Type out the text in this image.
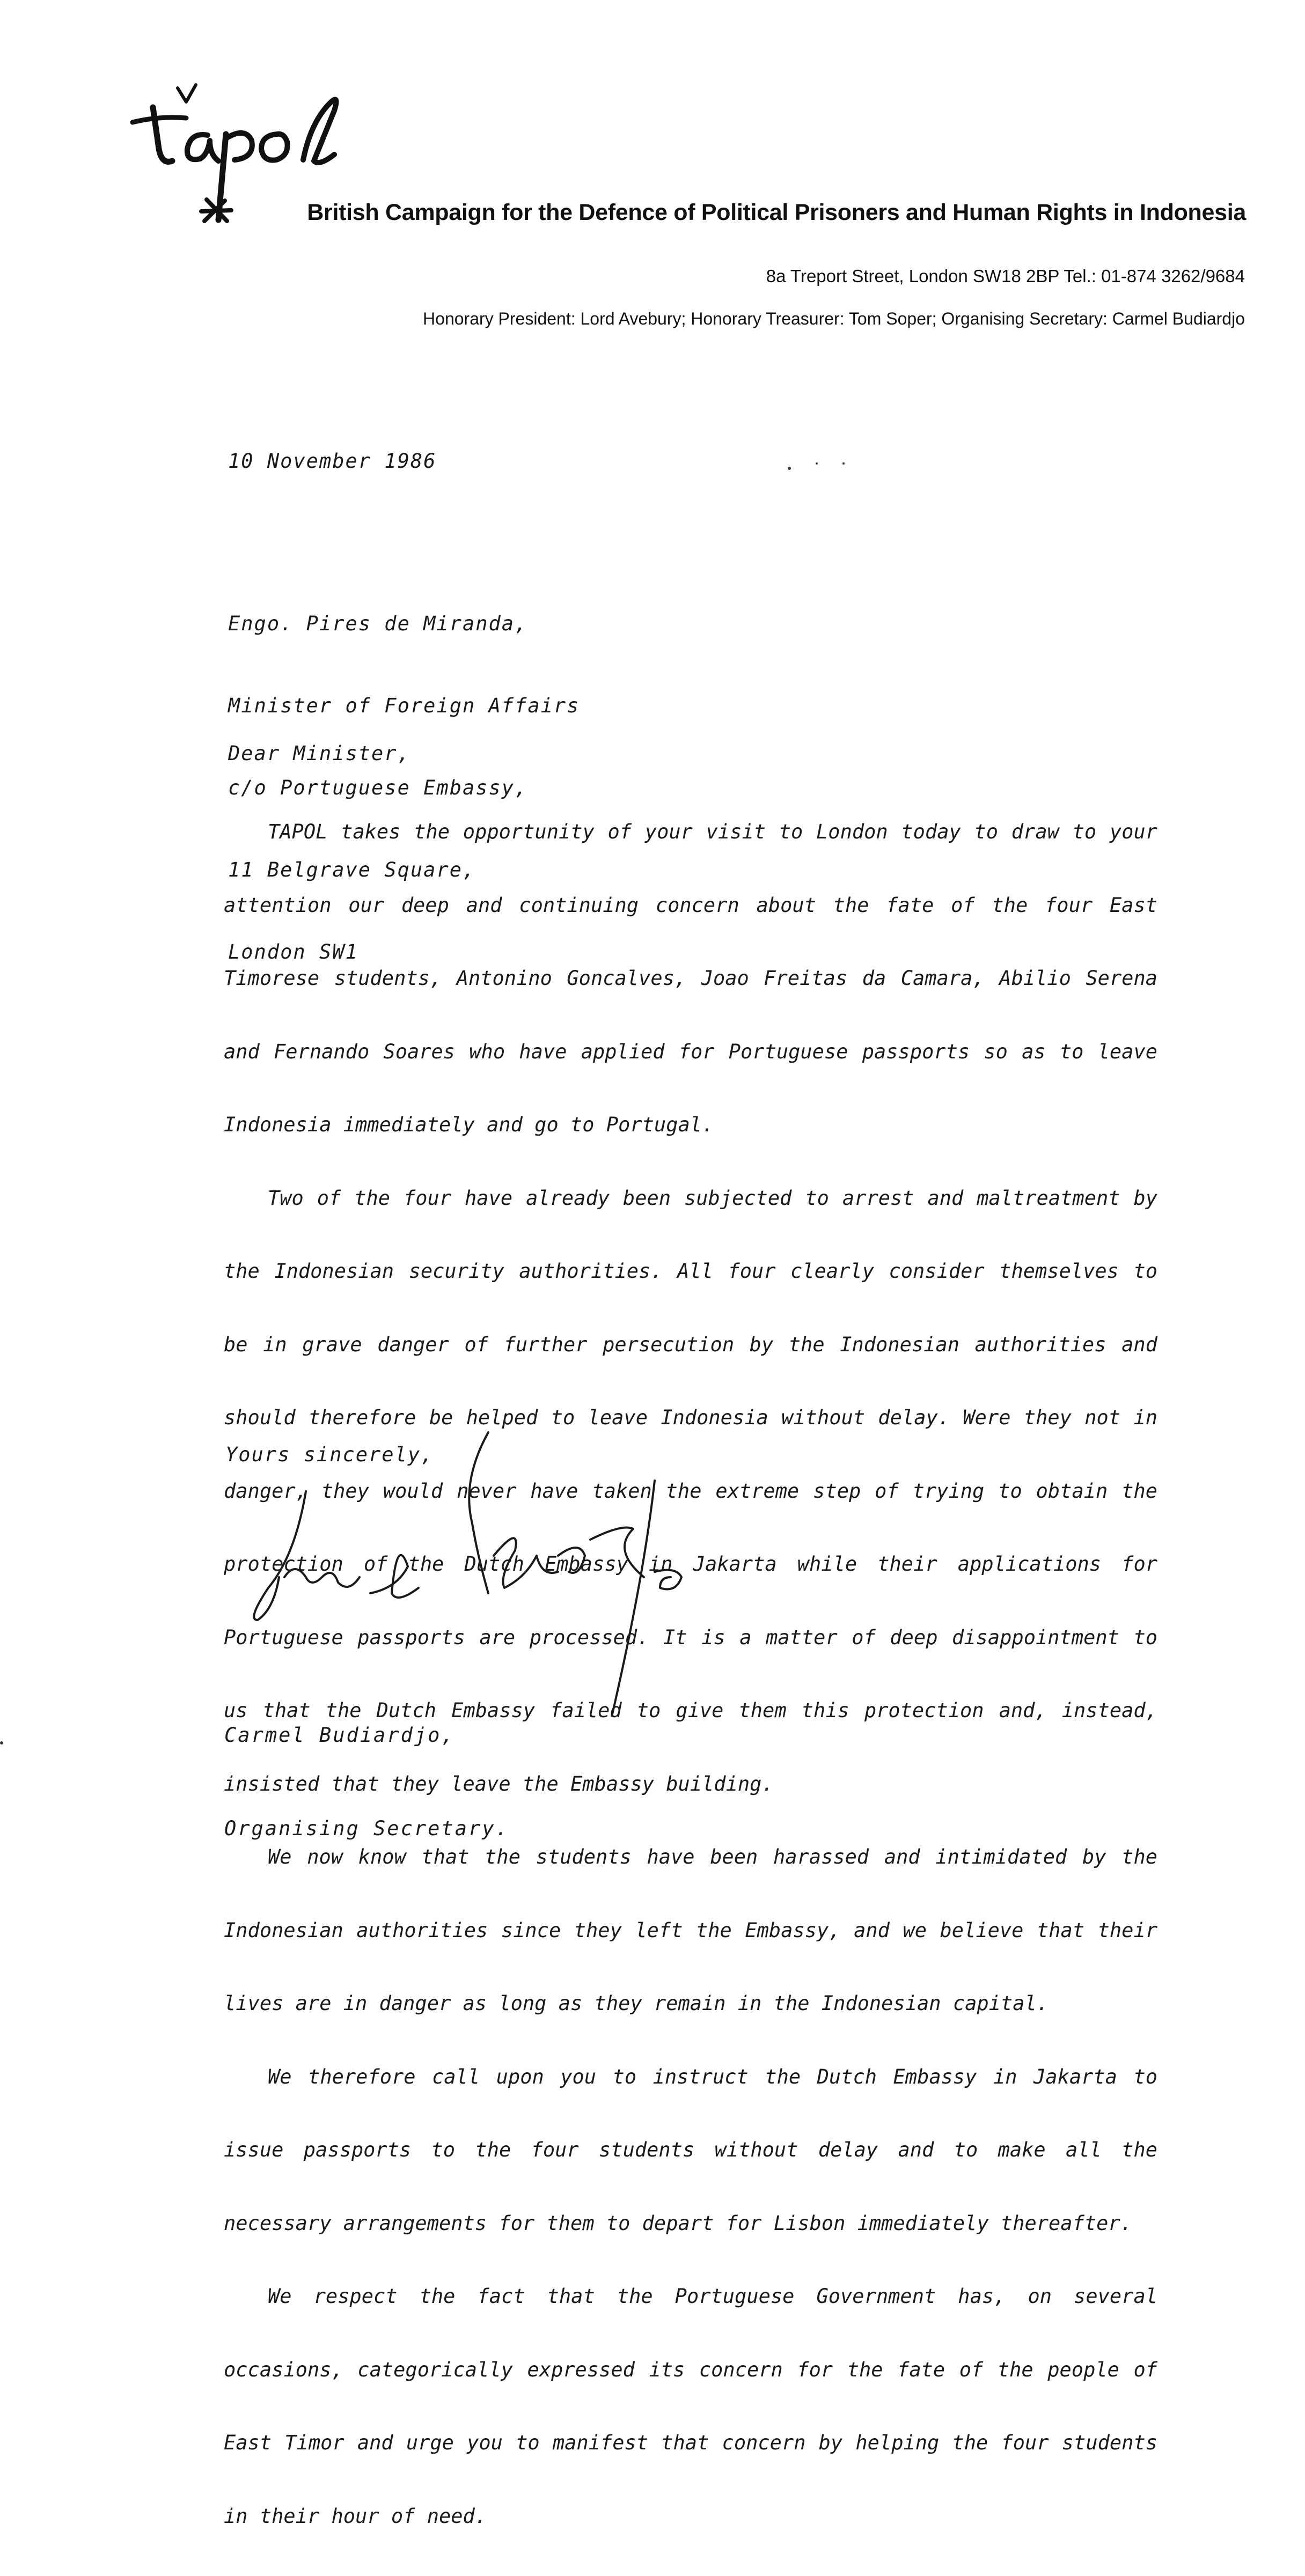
British Campaign for the Defence of Political Prisoners and Human Rights in Indonesia
8a Treport Street, London SW18 2BP Tel.: 01-874 3262/9684
Honorary President: Lord Avebury; Honorary Treasurer: Tom Soper; Organising Secretary: Carmel Budiardjo
10 November 1986

Engo. Pires de Miranda,

Minister of Foreign Affairs

c/o Portuguese Embassy,

11 Belgrave Square,

London SW1

Dear Minister,

TAPOL takes the opportunity of your visit to London today to draw to your

attention our deep and continuing concern about the fate of the four East

Timorese students, Antonino Goncalves, Joao Freitas da Camara, Abilio Serena

and Fernando Soares who have applied for Portuguese passports so as to leave

Indonesia immediately and go to Portugal.

Two of the four have already been subjected to arrest and maltreatment by

the Indonesian security authorities. All four clearly consider themselves to

be in grave danger of further persecution by the Indonesian authorities and

should therefore be helped to leave Indonesia without delay. Were they not in

danger, they would never have taken the extreme step of trying to obtain the

protection of the Dutch Embassy in Jakarta while their applications for

Portuguese passports are processed. It is a matter of deep disappointment to

us that the Dutch Embassy failed to give them this protection and, instead,

insisted that they leave the Embassy building.

We now know that the students have been harassed and intimidated by the

Indonesian authorities since they left the Embassy, and we believe that their

lives are in danger as long as they remain in the Indonesian capital.

We therefore call upon you to instruct the Dutch Embassy in Jakarta to

issue passports to the four students without delay and to make all the

necessary arrangements for them to depart for Lisbon immediately thereafter.

We respect the fact that the Portuguese Government has, on several

occasions, categorically expressed its concern for the fate of the people of

East Timor and urge you to manifest that concern by helping the four students

in their hour of need.

Yours sincerely,

Carmel Budiardjo,

Organising Secretary.
